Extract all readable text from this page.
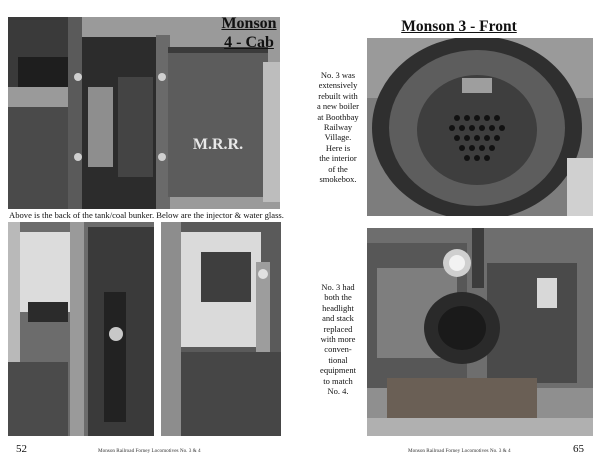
M.R.R.
Monson
4 - Cab
Above is the back of the tank/coal bunker. Below are the injector & water glass.
52	Monson Railroad Forney Locomotives No. 3 & 4
Monson 3 - Front
No. 3 was
extensively
rebuilt with
a new boiler
at Boothbay
Railway
Village.
Here is
the interior
of the
smokebox.
No. 3 had
both the
headlight
and stack
replaced
with more
conven-
tional
equipment
to match
No. 4.
Monson Railroad Forney Locomotives No. 3 & 4	65
